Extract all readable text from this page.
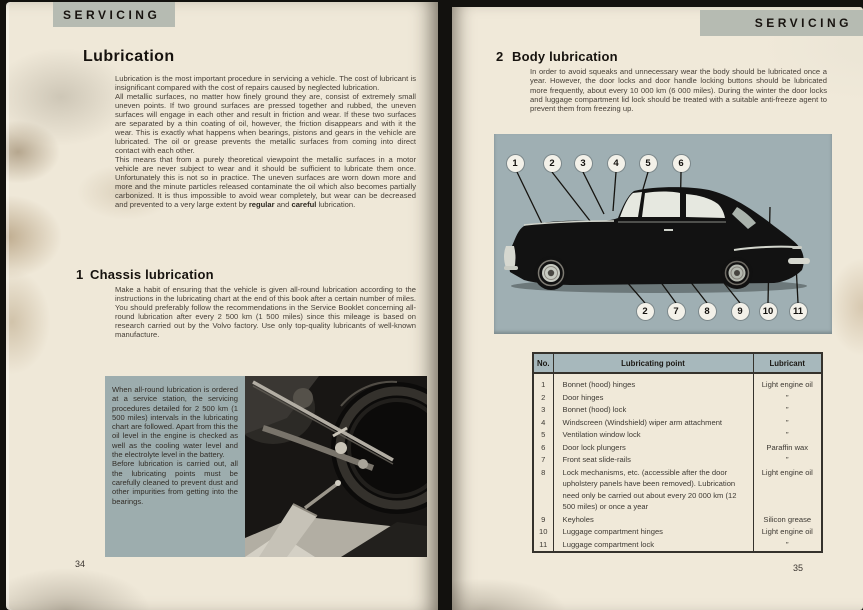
SERVICING
Lubrication

Lubrication is the most important procedure in servicing a vehicle. The cost of lubricant is insignificant compared with the cost of repairs caused by neglected lubrication.

All metallic surfaces, no matter how finely ground they are, consist of extremely small uneven points. If two ground surfaces are pressed together and rubbed, the uneven surfaces will engage in each other and result in friction and wear. If these two surfaces are separated by a thin coating of oil, however, the friction disappears and with it the wear. This is exactly what happens when bearings, pistons and gears in the vehicle are lubricated. The oil or grease prevents the metallic surfaces from coming into direct contact with each other.

This means that from a purely theoretical viewpoint the metallic surfaces in a motor vehicle are never subject to wear and it should be sufficient to lubricate them once. Unfortunately this is not so in practice. The uneven surfaces are worn down more and more and the minute particles released contaminate the oil which also becomes partially carbonized. It is thus impossible to avoid wear completely, but wear can be decreased and prevented to a very large extent by regular and careful lubrication.

1 Chassis lubrication

Make a habit of ensuring that the vehicle is given all-round lubrication according to the instructions in the lubricating chart at the end of this book after a certain number of miles. You should preferably follow the recommendations in the Service Booklet concerning all-round lubrication after every 2 500 km (1 500 miles) since this mileage is based on research carried out by the Volvo factory. Use only top-quality lubricants of well-known manufacture.

When all-round lubrication is ordered at a service station, the servicing procedures detailed for 2 500 km (1 500 miles) intervals in the lubricating chart are followed. Apart from this the oil level in the engine is checked as well as the cooling water level and the electrolyte level in the battery.

Before lubrication is carried out, all the lubricating points must be carefully cleaned to prevent dust and other impurities from getting into the bearings.

34
SERVICING
2 Body lubrication

In order to avoid squeaks and unnecessary wear the body should be lubricated once a year. However, the door locks and door handle locking buttons should be lubricated more frequently, about every 10 000 km (6 000 miles). During the winter the door locks and luggage compartment lid lock should be treated with a suitable anti-freeze agent to prevent them from freezing up.

1	2	3	4	5	6
2	7	8	9	10	11
No.	Lubricating point	Lubricant
1	Bonnet (hood) hinges	Light engine oil
2	Door hinges	”
3	Bonnet (hood) lock	”
4	Windscreen (Windshield) wiper arm attachment	”
5	Ventilation window lock	”
6	Door lock plungers	Paraffin wax
7	Front seat slide-rails	”
8	Lock mechanisms, etc. (accessible after the door upholstery panels have been removed). Lubrication need only be carried out about every 20 000 km (12 500 miles) or once a year	Light engine oil
9	Keyholes	Silicon grease
10	Luggage compartment hinges	Light engine oil
11	Luggage compartment lock	”
35
